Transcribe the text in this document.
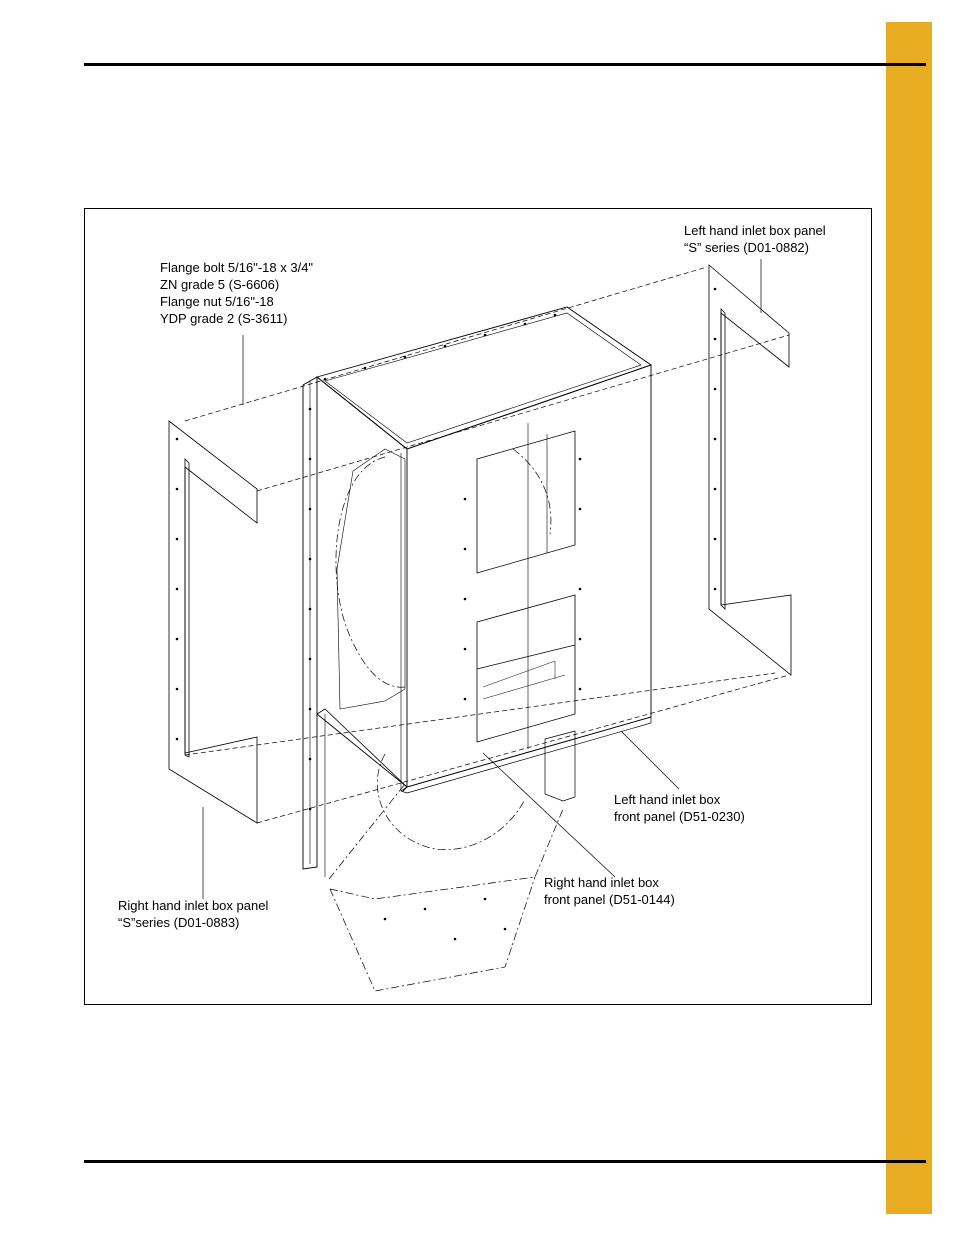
Flange bolt 5/16"-18 x 3/4"
ZN grade 5 (S-6606)
Flange nut 5/16"-18
YDP grade 2 (S-3611)
Left hand inlet box panel
“S” series (D01-0882)
Left hand inlet box
front panel (D51-0230)
Right hand inlet box
front panel (D51-0144)
Right hand inlet box panel
“S”series (D01-0883)
